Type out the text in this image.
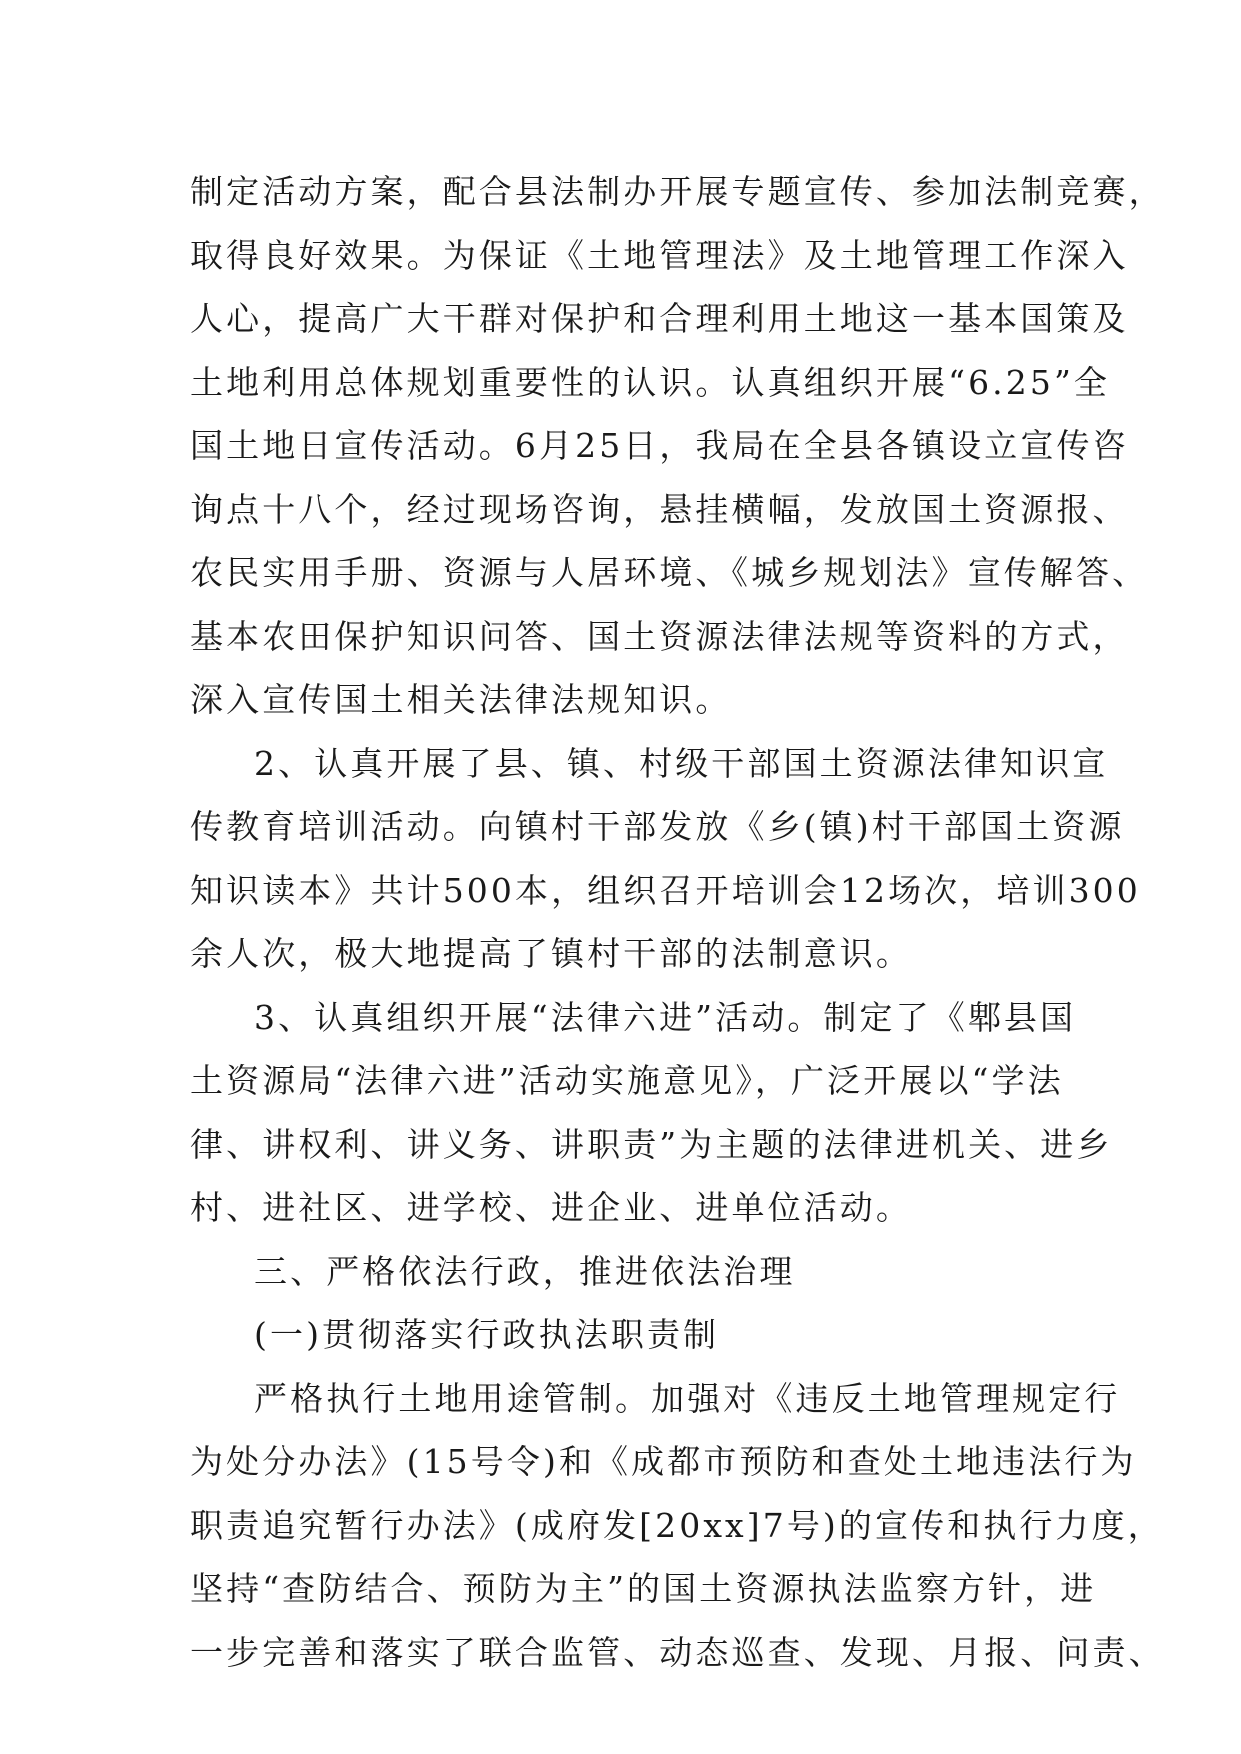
制定活动方案，配合县法制办开展专题宣传、参加法制竞赛，
取得良好效果。为保证《土地管理法》及土地管理工作深入
人心，提高广大干群对保护和合理利用土地这一基本国策及
土地利用总体规划重要性的认识。认真组织开展“6.25”全
国土地日宣传活动。6月25日，我局在全县各镇设立宣传咨
询点十八个，经过现场咨询，悬挂横幅，发放国土资源报、
农民实用手册、资源与人居环境、《城乡规划法》宣传解答、
基本农田保护知识问答、国土资源法律法规等资料的方式，
深入宣传国土相关法律法规知识。
2、认真开展了县、镇、村级干部国土资源法律知识宣
传教育培训活动。向镇村干部发放《乡(镇)村干部国土资源
知识读本》共计500本，组织召开培训会12场次，培训300
余人次，极大地提高了镇村干部的法制意识。
3、认真组织开展“法律六进”活动。制定了《郫县国
土资源局“法律六进”活动实施意见》，广泛开展以“学法
律、讲权利、讲义务、讲职责”为主题的法律进机关、进乡
村、进社区、进学校、进企业、进单位活动。
三、严格依法行政，推进依法治理
(一)贯彻落实行政执法职责制
严格执行土地用途管制。加强对《违反土地管理规定行
为处分办法》(15号令)和《成都市预防和查处土地违法行为
职责追究暂行办法》(成府发[20xx]7号)的宣传和执行力度，
坚持“查防结合、预防为主”的国土资源执法监察方针，进
一步完善和落实了联合监管、动态巡查、发现、月报、问责、
